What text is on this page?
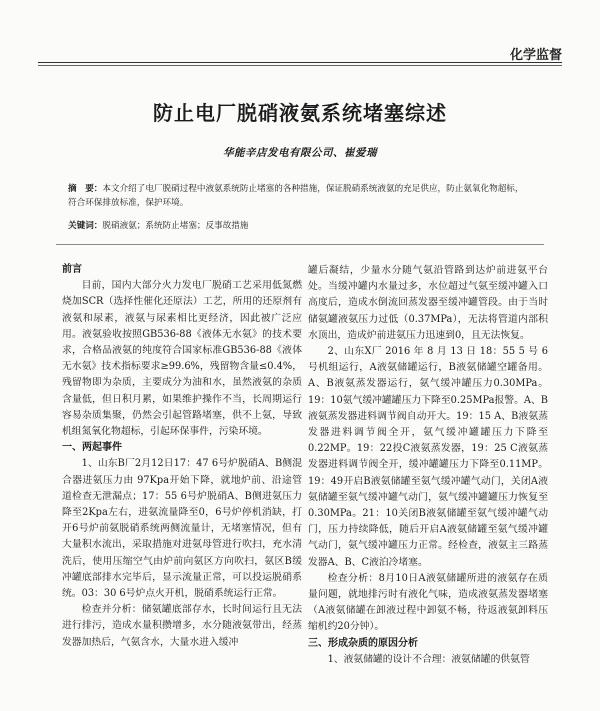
化学监督
防止电厂脱硝液氨系统堵塞综述
华能辛店发电有限公司、崔爱瑞
摘　要：本文介绍了电厂脱硝过程中液氨系统防止堵塞的各种措施，保证脱硝系统液氨的充足供应，防止氨氧化物超标，符合环保排放标准，保护环境。
关键词：脱硝液氨；系统防止堵塞；反事故措施
前言

目前，国内大部分火力发电厂脱硝工艺采用低氮燃烧加SCR（选择性催化还原法）工艺，所用的还原剂有液氨和尿素，液氨与尿素相比更经济，因此被广泛应用。液氨验收按照GB536-88《液体无水氨》的技术要求，合格品液氨的纯度符合国家标准GB536-88《液体无水氨》技术指标要求≥99.6%，残留物含量≤0.4%，残留物即为杂质，主要成分为油和水，虽然液氨的杂质含量低，但日积月累，如果维护操作不当，长周期运行容易杂质集聚，仍然会引起管路堵塞，供不上氨，导致机组氮氧化物超标，引起环保事件，污染环境。

一、两起事件

1、山东B厂2月12日17：47 6号炉脱硝A、B侧混合器进氨压力由 97Kpa开始下降，就地炉前、沿途管道检查无泄漏点；17：55 6号炉脱硝A、B侧进氨压力降至2Kpa左右，进氨流量降至0，6号炉停机消缺，打开6号炉前氨脱硝系统两侧流量计，无堵塞情况，但有大量积水流出，采取措施对进氨母管进行吹扫，充水清洗后，使用压缩空气由炉前向氨区方向吹扫，氨区B缓冲罐底部排水完毕后，显示流量正常，可以投运脱硝系统。03：30 6号炉点火开机，脱硝系统运行正常。

检查并分析：储氨罐底部存水，长时间运行且无法进行排污，造成水量积攒增多，水分随液氨带出，经蒸发器加热后，气氨含水，大量水进入缓冲

罐后凝结，少量水分随气氨沿管路到达炉前进氨平台处。当缓冲罐内水量过多，水位超过气氨至缓冲罐入口高度后，造成水倒流回蒸发器至缓冲罐管段。由于当时储氨罐液氨压力过低（0.37MPa），无法将管道内部积水顶出，造成炉前进氨压力迅速到0，且无法恢复。

2、山东X厂 2016 年 8 月 13 日 18：55 5 号 6 号机组运行，A液氨储罐运行，B液氨储罐空罐备用。A、B液氨蒸发器运行，氨气缓冲罐压力0.30MPa。19：10氨气缓冲罐罐压力下降至0.25MPa报警。A、B液氨蒸发器进料调节阀自动开大。19：15 A、B液氨蒸发器进料调节阀全开，氨气缓冲罐罐压力下降至0.22MP。19：22投C液氨蒸发器，19：25 C液氨蒸发器进料调节阀全开，缓冲罐罐压力下降至0.11MP。19：49开启B液氨储罐至氨气缓冲罐气动门，关闭A液氨储罐至氨气缓冲罐气动门，氨气缓冲罐罐压力恢复至0.30MPa。21：10关闭B液氨储罐至氨气缓冲罐气动门，压力持续降低，随后开启A液氨储罐至氨气缓冲罐气动门，氨气缓冲罐压力正常。经检查，液氨主三路蒸发器A、B、C液泊冷堵塞。

检查分析：8月10日A液氨储罐所进的液氨存在质量问题，就地排污时有液化气味，造成液氨蒸发器堵塞（A液氨储罐在卸液过程中卸氨不畅，待返液氨卸料压缩机约20分钟）。

三、形成杂质的原因分析

1、液氨储罐的设计不合理：液氨储罐的供氨管
